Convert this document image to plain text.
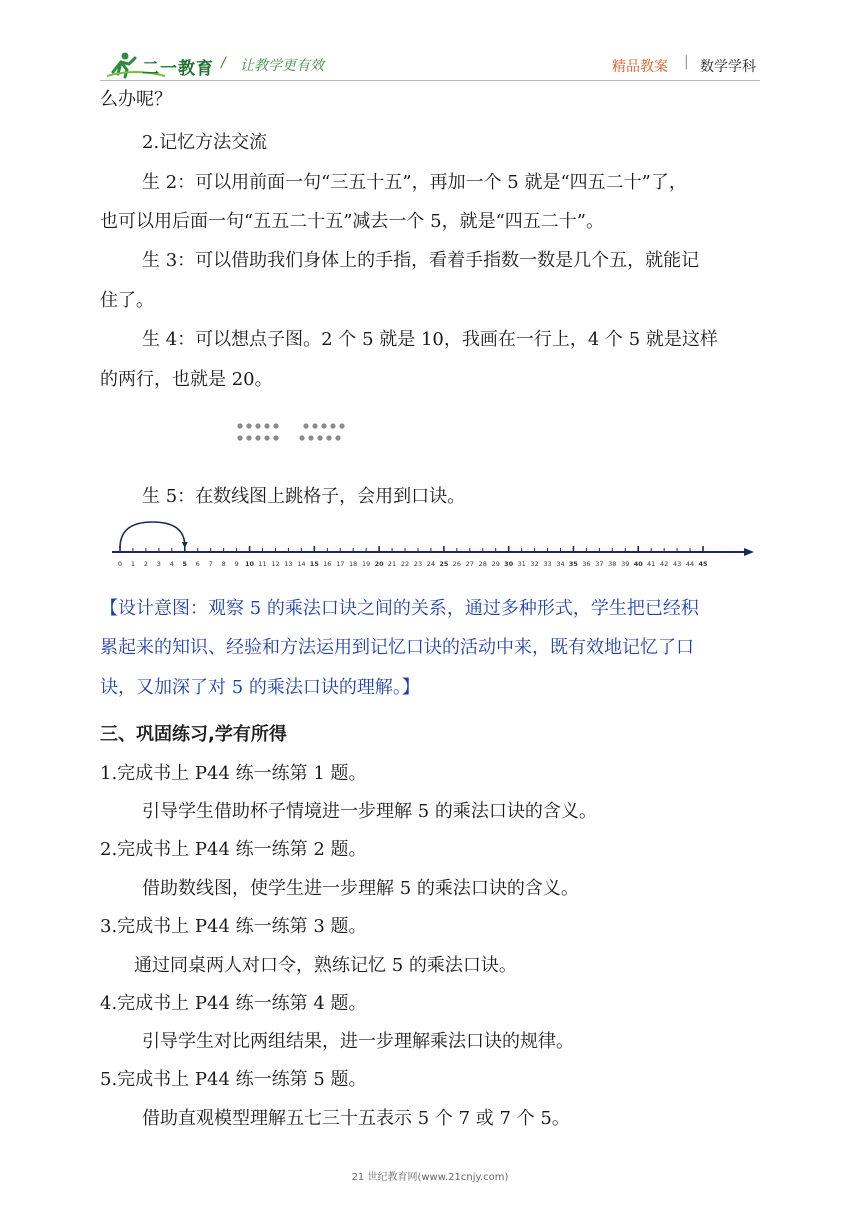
二一教育 / 让教学更有效	精品教案 | 数学学科
么办呢？
2.记忆方法交流
生 2：可以用前面一句“三五十五”，再加一个 5 就是“四五二十”了，
也可以用后面一句“五五二十五”减去一个 5，就是“四五二十”。
生 3：可以借助我们身体上的手指，看着手指数一数是几个五，就能记
住了。
生 4：可以想点子图。2 个 5 就是 10，我画在一行上，4 个 5 就是这样
的两行，也就是 20。
生 5：在数线图上跳格子，会用到口诀。
0 1 2 3 4 5 6 7 8 9 10 11 12 13 14 15 16 17 18 19 20 21 22 23 24 25 26 27 28 29 30 31 32 33 34 35 36 37 38 39 40 41 42 43 44 45
【设计意图：观察 5 的乘法口诀之间的关系，通过多种形式，学生把已经积
累起来的知识、经验和方法运用到记忆口诀的活动中来，既有效地记忆了口
诀，又加深了对 5 的乘法口诀的理解。】
三、巩固练习,学有所得
1.完成书上 P44 练一练第 1 题。
引导学生借助杯子情境进一步理解 5 的乘法口诀的含义。
2.完成书上 P44 练一练第 2 题。
借助数线图，使学生进一步理解 5 的乘法口诀的含义。
3.完成书上 P44 练一练第 3 题。
通过同桌两人对口令，熟练记忆 5 的乘法口诀。
4.完成书上 P44 练一练第 4 题。
引导学生对比两组结果，进一步理解乘法口诀的规律。
5.完成书上 P44 练一练第 5 题。
借助直观模型理解五七三十五表示 5 个 7 或 7 个 5。
21 世纪教育网(www.21cnjy.com)
